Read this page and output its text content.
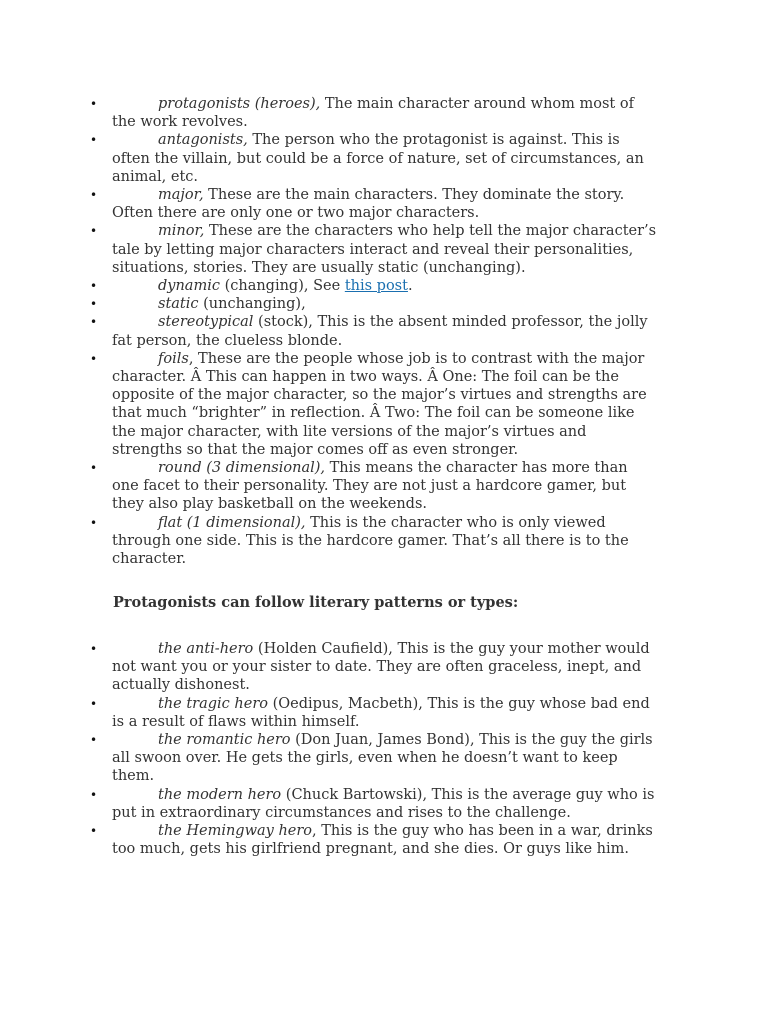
•	protagonists (heroes), The main character around whom most of the work revolves.
•	antagonists, The person who the protagonist is against. This is often the villain, but could be a force of nature, set of circumstances, an animal, etc.
•	major, These are the main characters. They dominate the story. Often there are only one or two major characters.
•	minor, These are the characters who help tell the major character’s tale by letting major characters interact and reveal their personalities, situations, stories. They are usually static (unchanging).
•	dynamic (changing), See this post.
•	static (unchanging),
•	stereotypical (stock), This is the absent minded professor, the jolly fat person, the clueless blonde.
•	foils, These are the people whose job is to contrast with the major character. Â This can happen in two ways. Â One: The foil can be the opposite of the major character, so the major’s virtues and strengths are that much “brighter” in reflection. Â Two: The foil can be someone like the major character, with lite versions of the major’s virtues and strengths so that the major comes off as even stronger.
•	round (3 dimensional), This means the character has more than one facet to their personality. They are not just a hardcore gamer, but they also play basketball on the weekends.
•	flat (1 dimensional), This is the character who is only viewed through one side. This is the hardcore gamer. That’s all there is to the character.
Protagonists can follow literary patterns or types:
•	the anti-hero (Holden Caufield), This is the guy your mother would not want you or your sister to date. They are often graceless, inept, and actually dishonest.
•	the tragic hero (Oedipus, Macbeth), This is the guy whose bad end is a result of flaws within himself.
•	the romantic hero (Don Juan, James Bond), This is the guy the girls all swoon over. He gets the girls, even when he doesn’t want to keep them.
•	the modern hero (Chuck Bartowski), This is the average guy who is put in extraordinary circumstances and rises to the challenge.
•	the Hemingway hero, This is the guy who has been in a war, drinks too much, gets his girlfriend pregnant, and she dies. Or guys like him.
